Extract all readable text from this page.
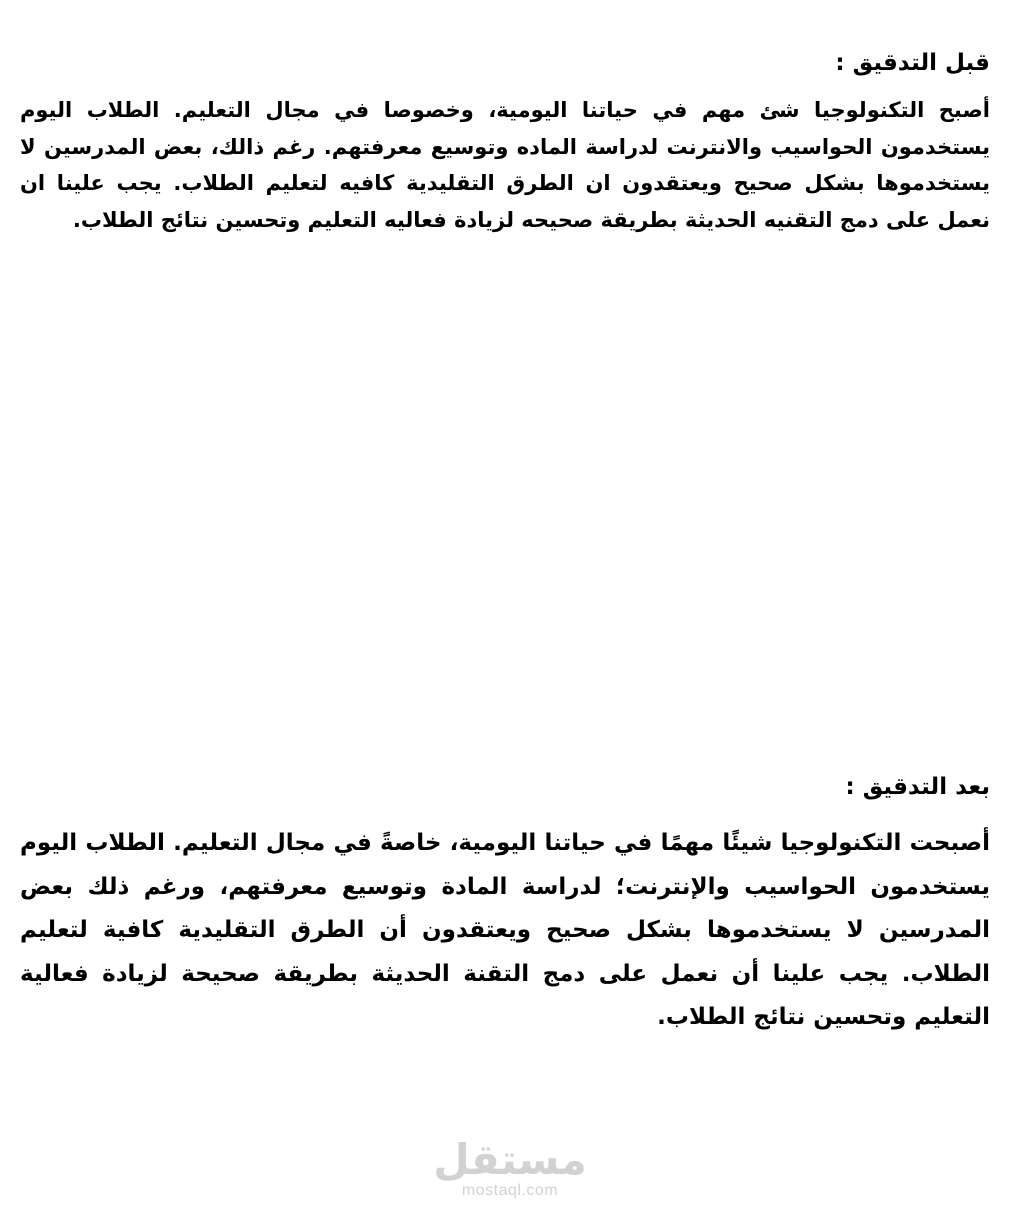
قبل التدقيق :

أصبح التكنولوجيا شئ مهم في حياتنا اليومية، وخصوصا في مجال التعليم. الطلاب اليوم يستخدمون الحواسيب والانترنت لدراسة الماده وتوسيع معرفتهم. رغم ذالك، بعض المدرسين لا يستخدموها بشكل صحيح ويعتقدون ان الطرق التقليدية كافيه لتعليم الطلاب. يجب علينا ان نعمل على دمج التقنيه الحديثة بطريقة صحيحه لزيادة فعاليه التعليم وتحسين نتائج الطلاب.

بعد التدقيق :

أصبحت التكنولوجيا شيئًا مهمًا في حياتنا اليومية، خاصةً في مجال التعليم. الطلاب اليوم يستخدمون الحواسيب والإنترنت؛ لدراسة المادة وتوسيع معرفتهم، ورغم ذلك بعض المدرسين لا يستخدموها بشكل صحيح ويعتقدون أن الطرق التقليدية كافية لتعليم الطلاب. يجب علينا أن نعمل على دمج التقنة الحديثة بطريقة صحيحة لزيادة فعالية التعليم وتحسين نتائج الطلاب.

مستقل
mostaql.com
